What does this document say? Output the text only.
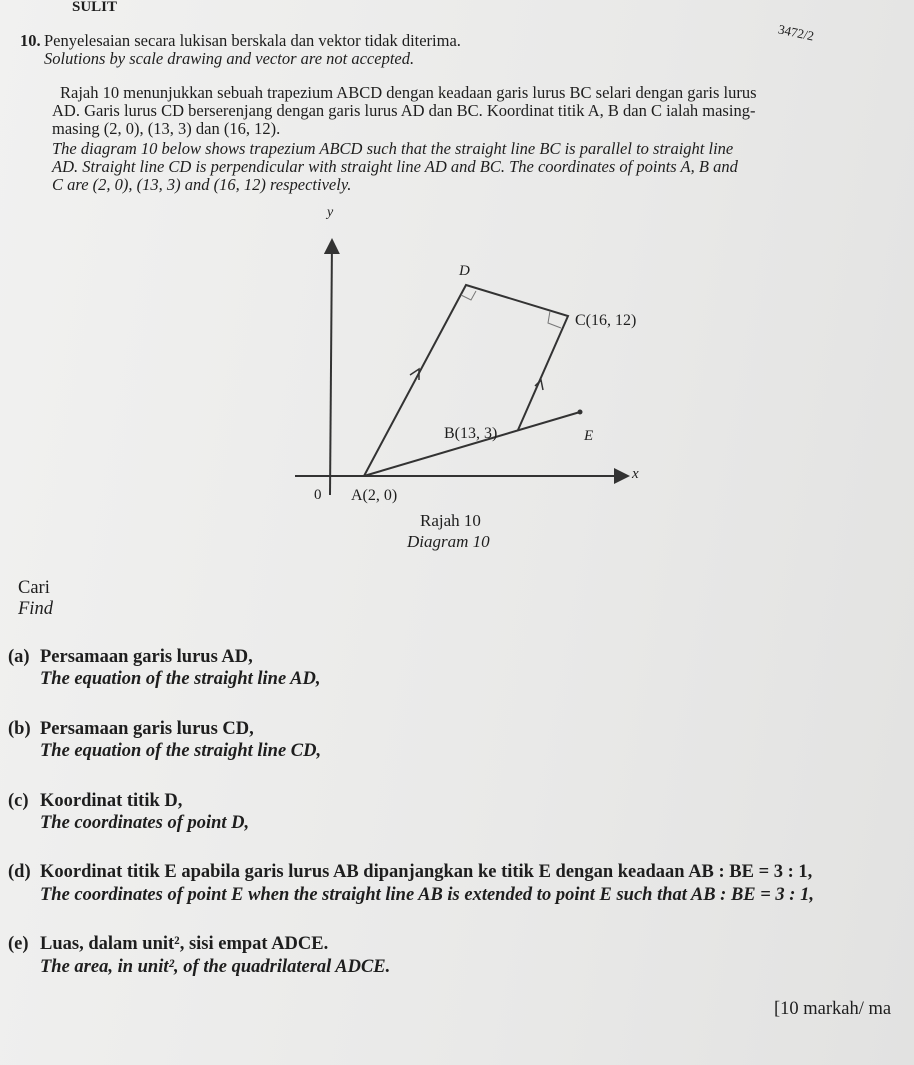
SULIT
3472/2
10. Penyelesaian secara lukisan berskala dan vektor tidak diterima.
Solutions by scale drawing and vector are not accepted.
Rajah 10 menunjukkan sebuah trapezium ABCD dengan keadaan garis lurus BC selari dengan garis lurus
AD. Garis lurus CD berserenjang dengan garis lurus AD dan BC. Koordinat titik A, B dan C ialah masing-
masing (2, 0), (13, 3) dan (16, 12).
The diagram 10 below shows trapezium ABCD such that the straight line BC is parallel to straight line
AD. Straight line CD is perpendicular with straight line AD and BC. The coordinates of points A, B and
C are (2, 0), (13, 3) and (16, 12) respectively.
y
x
0
D
C(16, 12)
B(13, 3)	E
A(2, 0)
Rajah 10
Diagram 10
Cari
Find
(a) Persamaan garis lurus AD,
The equation of the straight line AD,
(b) Persamaan garis lurus CD,
The equation of the straight line CD,
(c) Koordinat titik D,
The coordinates of point D,
(d) Koordinat titik E apabila garis lurus AB dipanjangkan ke titik E dengan keadaan AB : BE = 3 : 1,
The coordinates of point E when the straight line AB is extended to point E such that AB : BE = 3 : 1,
(e) Luas, dalam unit², sisi empat ADCE.
The area, in unit², of the quadrilateral ADCE.
[10 markah/ ma
